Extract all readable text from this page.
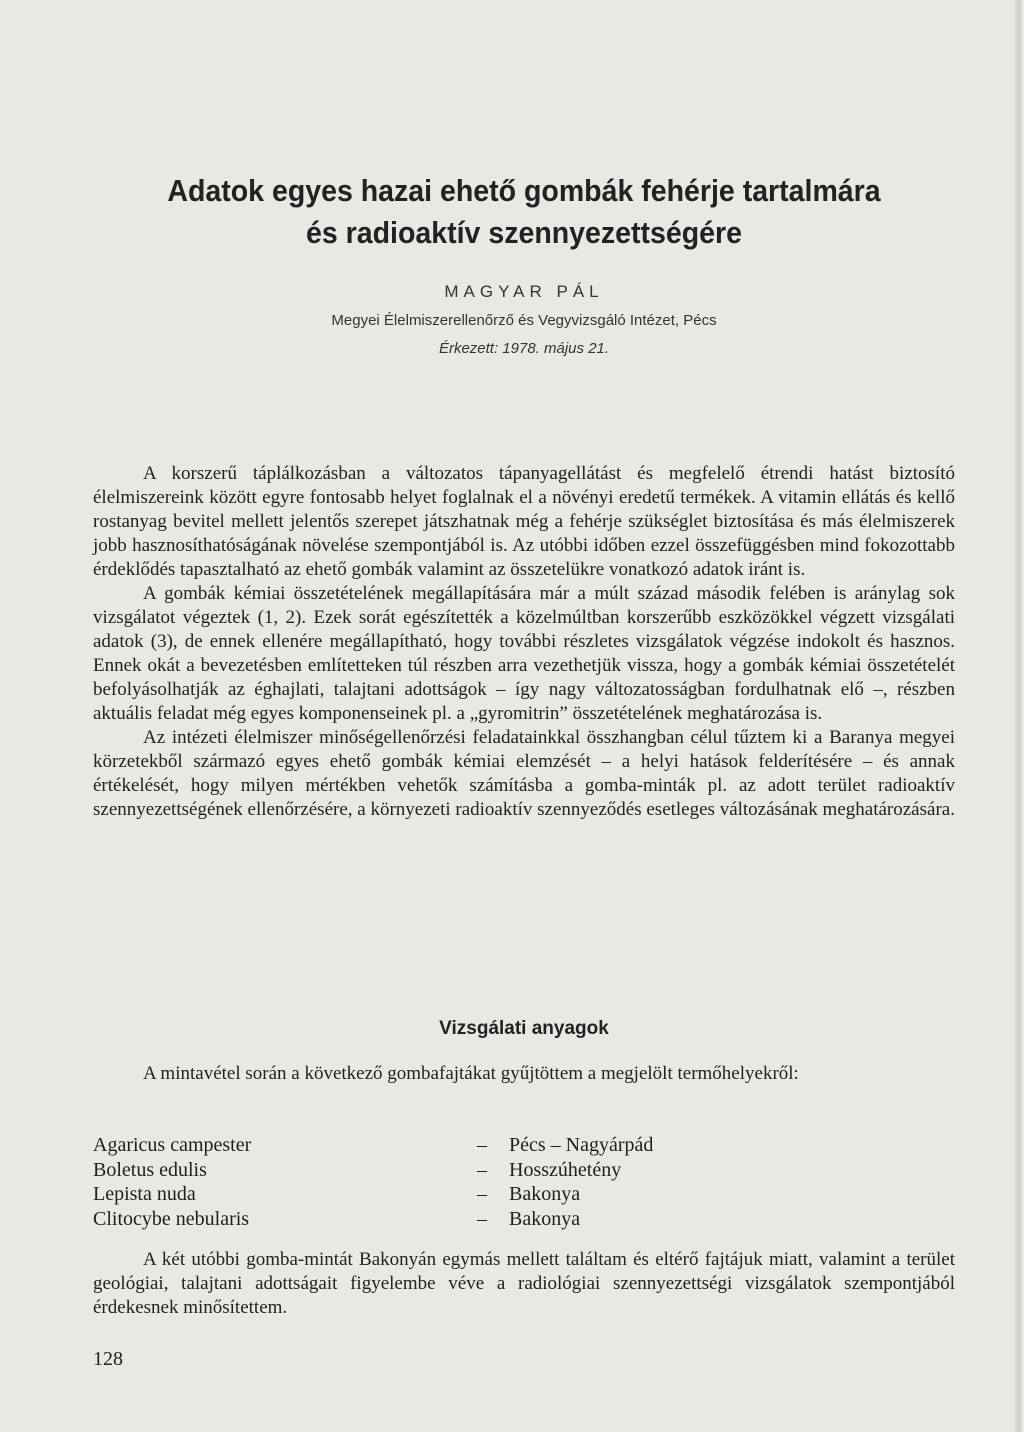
Adatok egyes hazai ehető gombák fehérje tartalmára
és radioaktív szennyezettségére
MAGYAR PÁL
Megyei Élelmiszerellenőrző és Vegyvizsgáló Intézet, Pécs
Érkezett: 1978. május 21.

A korszerű táplálkozásban a változatos tápanyagellátást és megfelelő étrendi hatást biztosító élelmiszereink között egyre fontosabb helyet foglalnak el a növényi eredetű termékek. A vitamin ellátás és kellő rostanyag bevitel mellett jelentős szerepet játszhatnak még a fehérje szükséglet biztosítása és más élelmiszerek jobb hasznosíthatóságának növelése szempontjából is. Az utóbbi időben ezzel összefüggésben mind fokozottabb érdeklődés tapasztalható az ehető gombák valamint az összetelükre vonatkozó adatok iránt is.

A gombák kémiai összetételének megállapítására már a múlt század második felében is aránylag sok vizsgálatot végeztek (1, 2). Ezek sorát egészítették a közelmúltban korszerűbb eszközökkel végzett vizsgálati adatok (3), de ennek ellenére megállapítható, hogy további részletes vizsgálatok végzése indokolt és hasznos. Ennek okát a bevezetésben említetteken túl részben arra vezethetjük vissza, hogy a gombák kémiai összetételét befolyásolhatják az éghajlati, talajtani adottságok – így nagy változatosságban fordulhatnak elő –, részben aktuális feladat még egyes komponenseinek pl. a „gyromitrin” összetételének meghatározása is.

Az intézeti élelmiszer minőségellenőrzési feladatainkkal összhangban célul tűztem ki a Baranya megyei körzetekből származó egyes ehető gombák kémiai elemzését – a helyi hatások felderítésére – és annak értékelését, hogy milyen mértékben vehetők számításba a gomba-minták pl. az adott terület radioaktív szennyezettségének ellenőrzésére, a környezeti radioaktív szennyeződés esetleges változásának meghatározására.

Vizsgálati anyagok

A mintavétel során a következő gombafajtákat gyűjtöttem a megjelölt termőhelyekről:

Agaricus campester	–	Pécs – Nagyárpád
Boletus edulis	–	Hosszúhetény
Lepista nuda	–	Bakonya
Clitocybe nebularis	–	Bakonya

A két utóbbi gomba-mintát Bakonyán egymás mellett találtam és eltérő fajtájuk miatt, valamint a terület geológiai, talajtani adottságait figyelembe véve a radiológiai szennyezettségi vizsgálatok szempontjából érdekesnek minősítettem.

128
